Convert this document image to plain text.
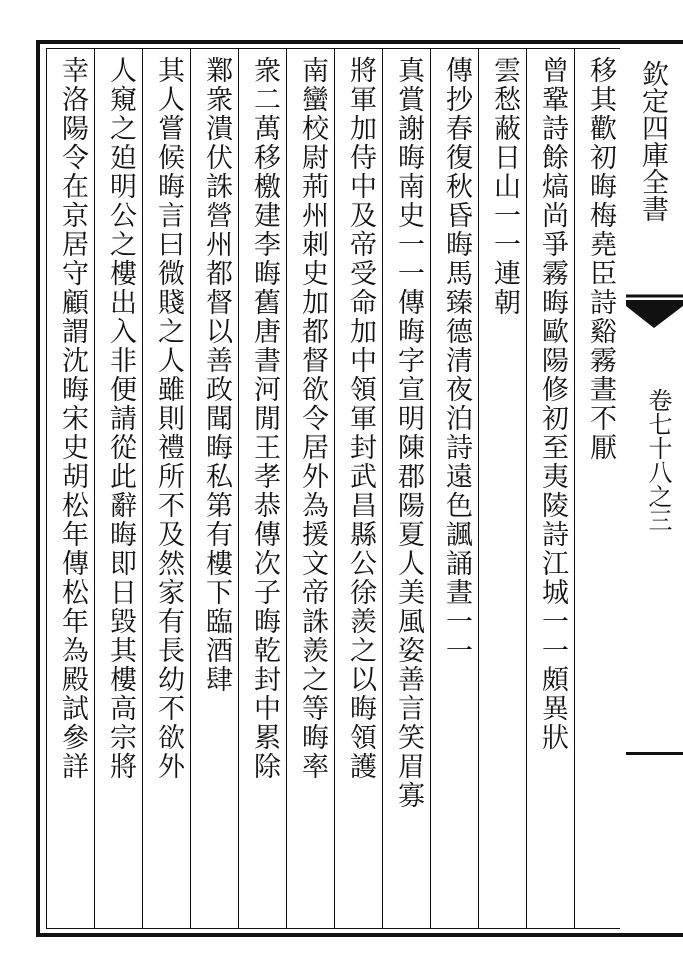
移其歡初晦梅堯臣詩谿霧晝不厭
曾鞏詩餘熇尚爭霧晦歐陽修初至夷陵詩江城一一頗異狀
雲愁蔽日山一一連朝
傳抄春復秋昏晦馬臻德清夜泊詩遠色諷誦晝一一
真賞謝晦南史一一傳晦字宣明陳郡陽夏人美風姿善言笑眉寡
將軍加侍中及帝受命加中領軍封武昌縣公徐羨之以晦領護
南蠻校尉荊州刺史加都督欲令居外為援文帝誅羨之等晦率
衆二萬移檄建李晦舊唐書河閒王孝恭傳次子晦乾封中累除
鄴衆潰伏誅營州都督以善政聞晦私第有樓下臨酒肆
其人嘗候晦言曰微賤之人雖則禮所不及然家有長幼不欲外
人窺之廹明公之樓出入非便請從此辭晦即日毀其樓高宗將
幸洛陽令在京居守顧謂沈晦宋史胡松年傳松年為殿試參詳	欽定四庫全書
卷七十八之三
